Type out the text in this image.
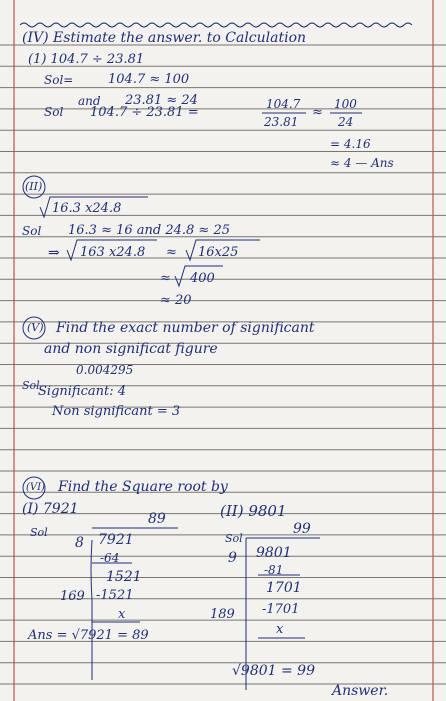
(IV) Estimate the answer. to Calculation
(1) 104.7 ÷ 23.81
Sol=	104.7 ≈ 100
and 23.81 ≈ 24
Sol 104.7 ÷ 23.81 =
104.7
23.81
≈
100
24
= 4.16
≈ 4 — Ans
(II)
16.3 x24.8
Sol 16.3 ≈ 16 and 24.8 ≈ 25
⇒ 163 x24.8 ≈ 16x25
≈ 400
≈ 20
(V) Find the exact number of significant
and non significat figure
0.004295
Sol
Significant: 4
Non significant = 3
(VI) Find the Square root by
(I) 7921
Sol
89
8 7921
-64
1521
169 -1521
x
Ans = √7921 = 89
(II) 9801
Sol
99
9 9801
-81
1701
189 -1701
x
√9801 = 99
Answer.
